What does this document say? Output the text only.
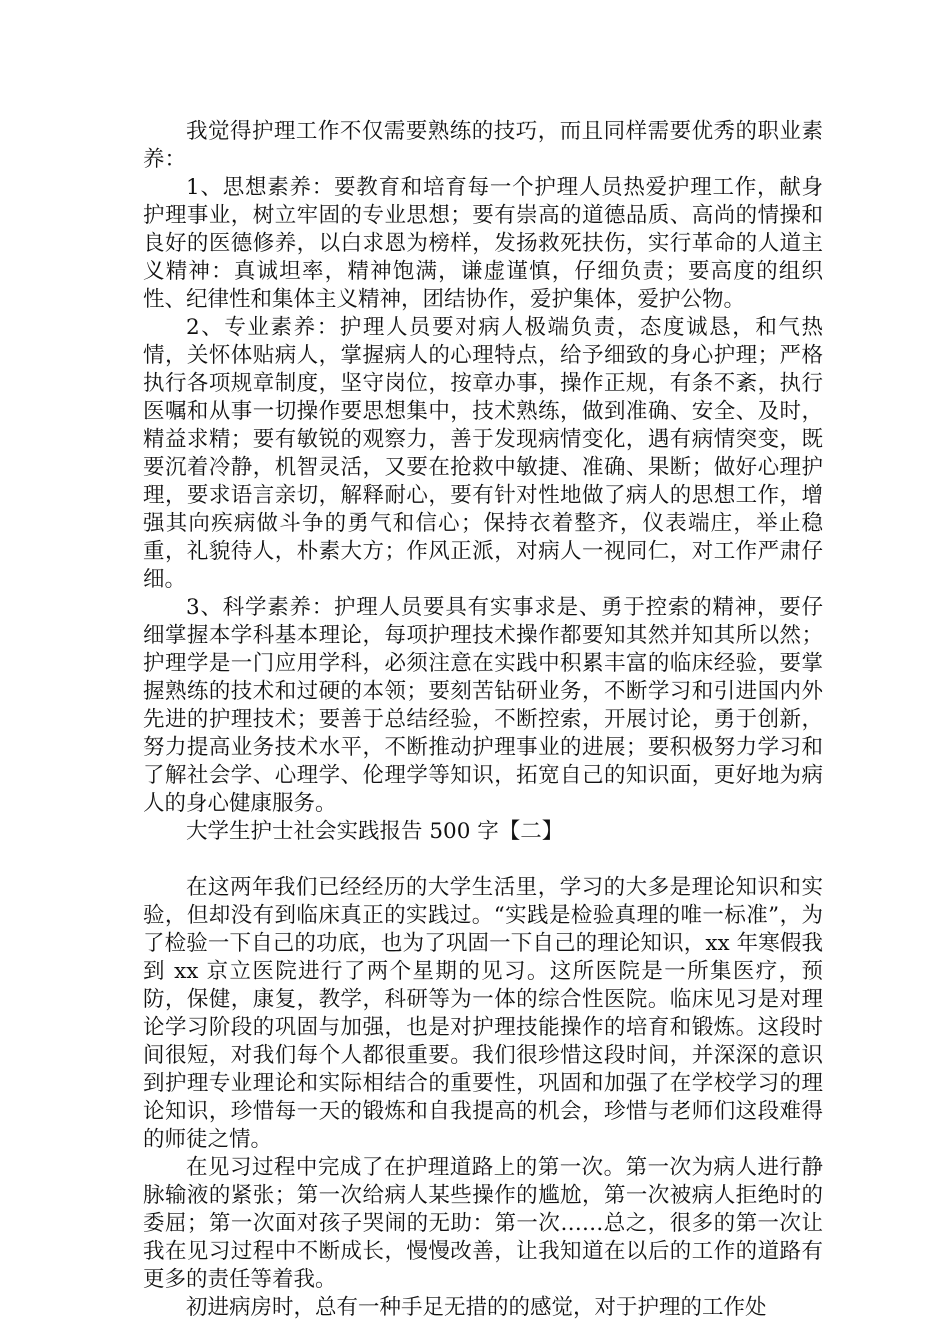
我觉得护理工作不仅需要熟练的技巧，而且同样需要优秀的职业素养：

1、思想素养：要教育和培育每一个护理人员热爱护理工作，献身护理事业，树立牢固的专业思想；要有崇高的道德品质、高尚的情操和良好的医德修养，以白求恩为榜样，发扬救死扶伤，实行革命的人道主义精神：真诚坦率，精神饱满，谦虚谨慎，仔细负责；要高度的组织性、纪律性和集体主义精神，团结协作，爱护集体，爱护公物。

2、专业素养：护理人员要对病人极端负责，态度诚恳，和气热情，关怀体贴病人，掌握病人的心理特点，给予细致的身心护理；严格执行各项规章制度，坚守岗位，按章办事，操作正规，有条不紊，执行医嘱和从事一切操作要思想集中，技术熟练，做到准确、安全、及时，精益求精；要有敏锐的观察力，善于发现病情变化，遇有病情突变，既要沉着冷静，机智灵活，又要在抢救中敏捷、准确、果断；做好心理护理，要求语言亲切，解释耐心，要有针对性地做了病人的思想工作，增强其向疾病做斗争的勇气和信心；保持衣着整齐，仪表端庄，举止稳重，礼貌待人，朴素大方；作风正派，对病人一视同仁，对工作严肃仔细。

3、科学素养：护理人员要具有实事求是、勇于控索的精神，要仔细掌握本学科基本理论，每项护理技术操作都要知其然并知其所以然；护理学是一门应用学科，必须注意在实践中积累丰富的临床经验，要掌握熟练的技术和过硬的本领；要刻苦钻研业务，不断学习和引进国内外先进的护理技术；要善于总结经验，不断控索，开展讨论，勇于创新，努力提高业务技术水平，不断推动护理事业的进展；要积极努力学习和了解社会学、心理学、伦理学等知识，拓宽自己的知识面，更好地为病人的身心健康服务。

大学生护士社会实践报告 500 字【二】

在这两年我们已经经历的大学生活里，学习的大多是理论知识和实验，但却没有到临床真正的实践过。“实践是检验真理的唯一标准”，为了检验一下自己的功底，也为了巩固一下自己的理论知识，xx 年寒假我到 xx 京立医院进行了两个星期的见习。这所医院是一所集医疗，预防，保健，康复，教学，科研等为一体的综合性医院。临床见习是对理论学习阶段的巩固与加强，也是对护理技能操作的培育和锻炼。这段时间很短，对我们每个人都很重要。我们很珍惜这段时间，并深深的意识到护理专业理论和实际相结合的重要性，巩固和加强了在学校学习的理论知识，珍惜每一天的锻炼和自我提高的机会，珍惜与老师们这段难得的师徒之情。

在见习过程中完成了在护理道路上的第一次。第一次为病人进行静脉输液的紧张；第一次给病人某些操作的尴尬，第一次被病人拒绝时的委屈；第一次面对孩子哭闹的无助：第一次……总之，很多的第一次让我在见习过程中不断成长，慢慢改善，让我知道在以后的工作的道路有更多的责任等着我。

初进病房时，总有一种手足无措的的感觉，对于护理的工作处
